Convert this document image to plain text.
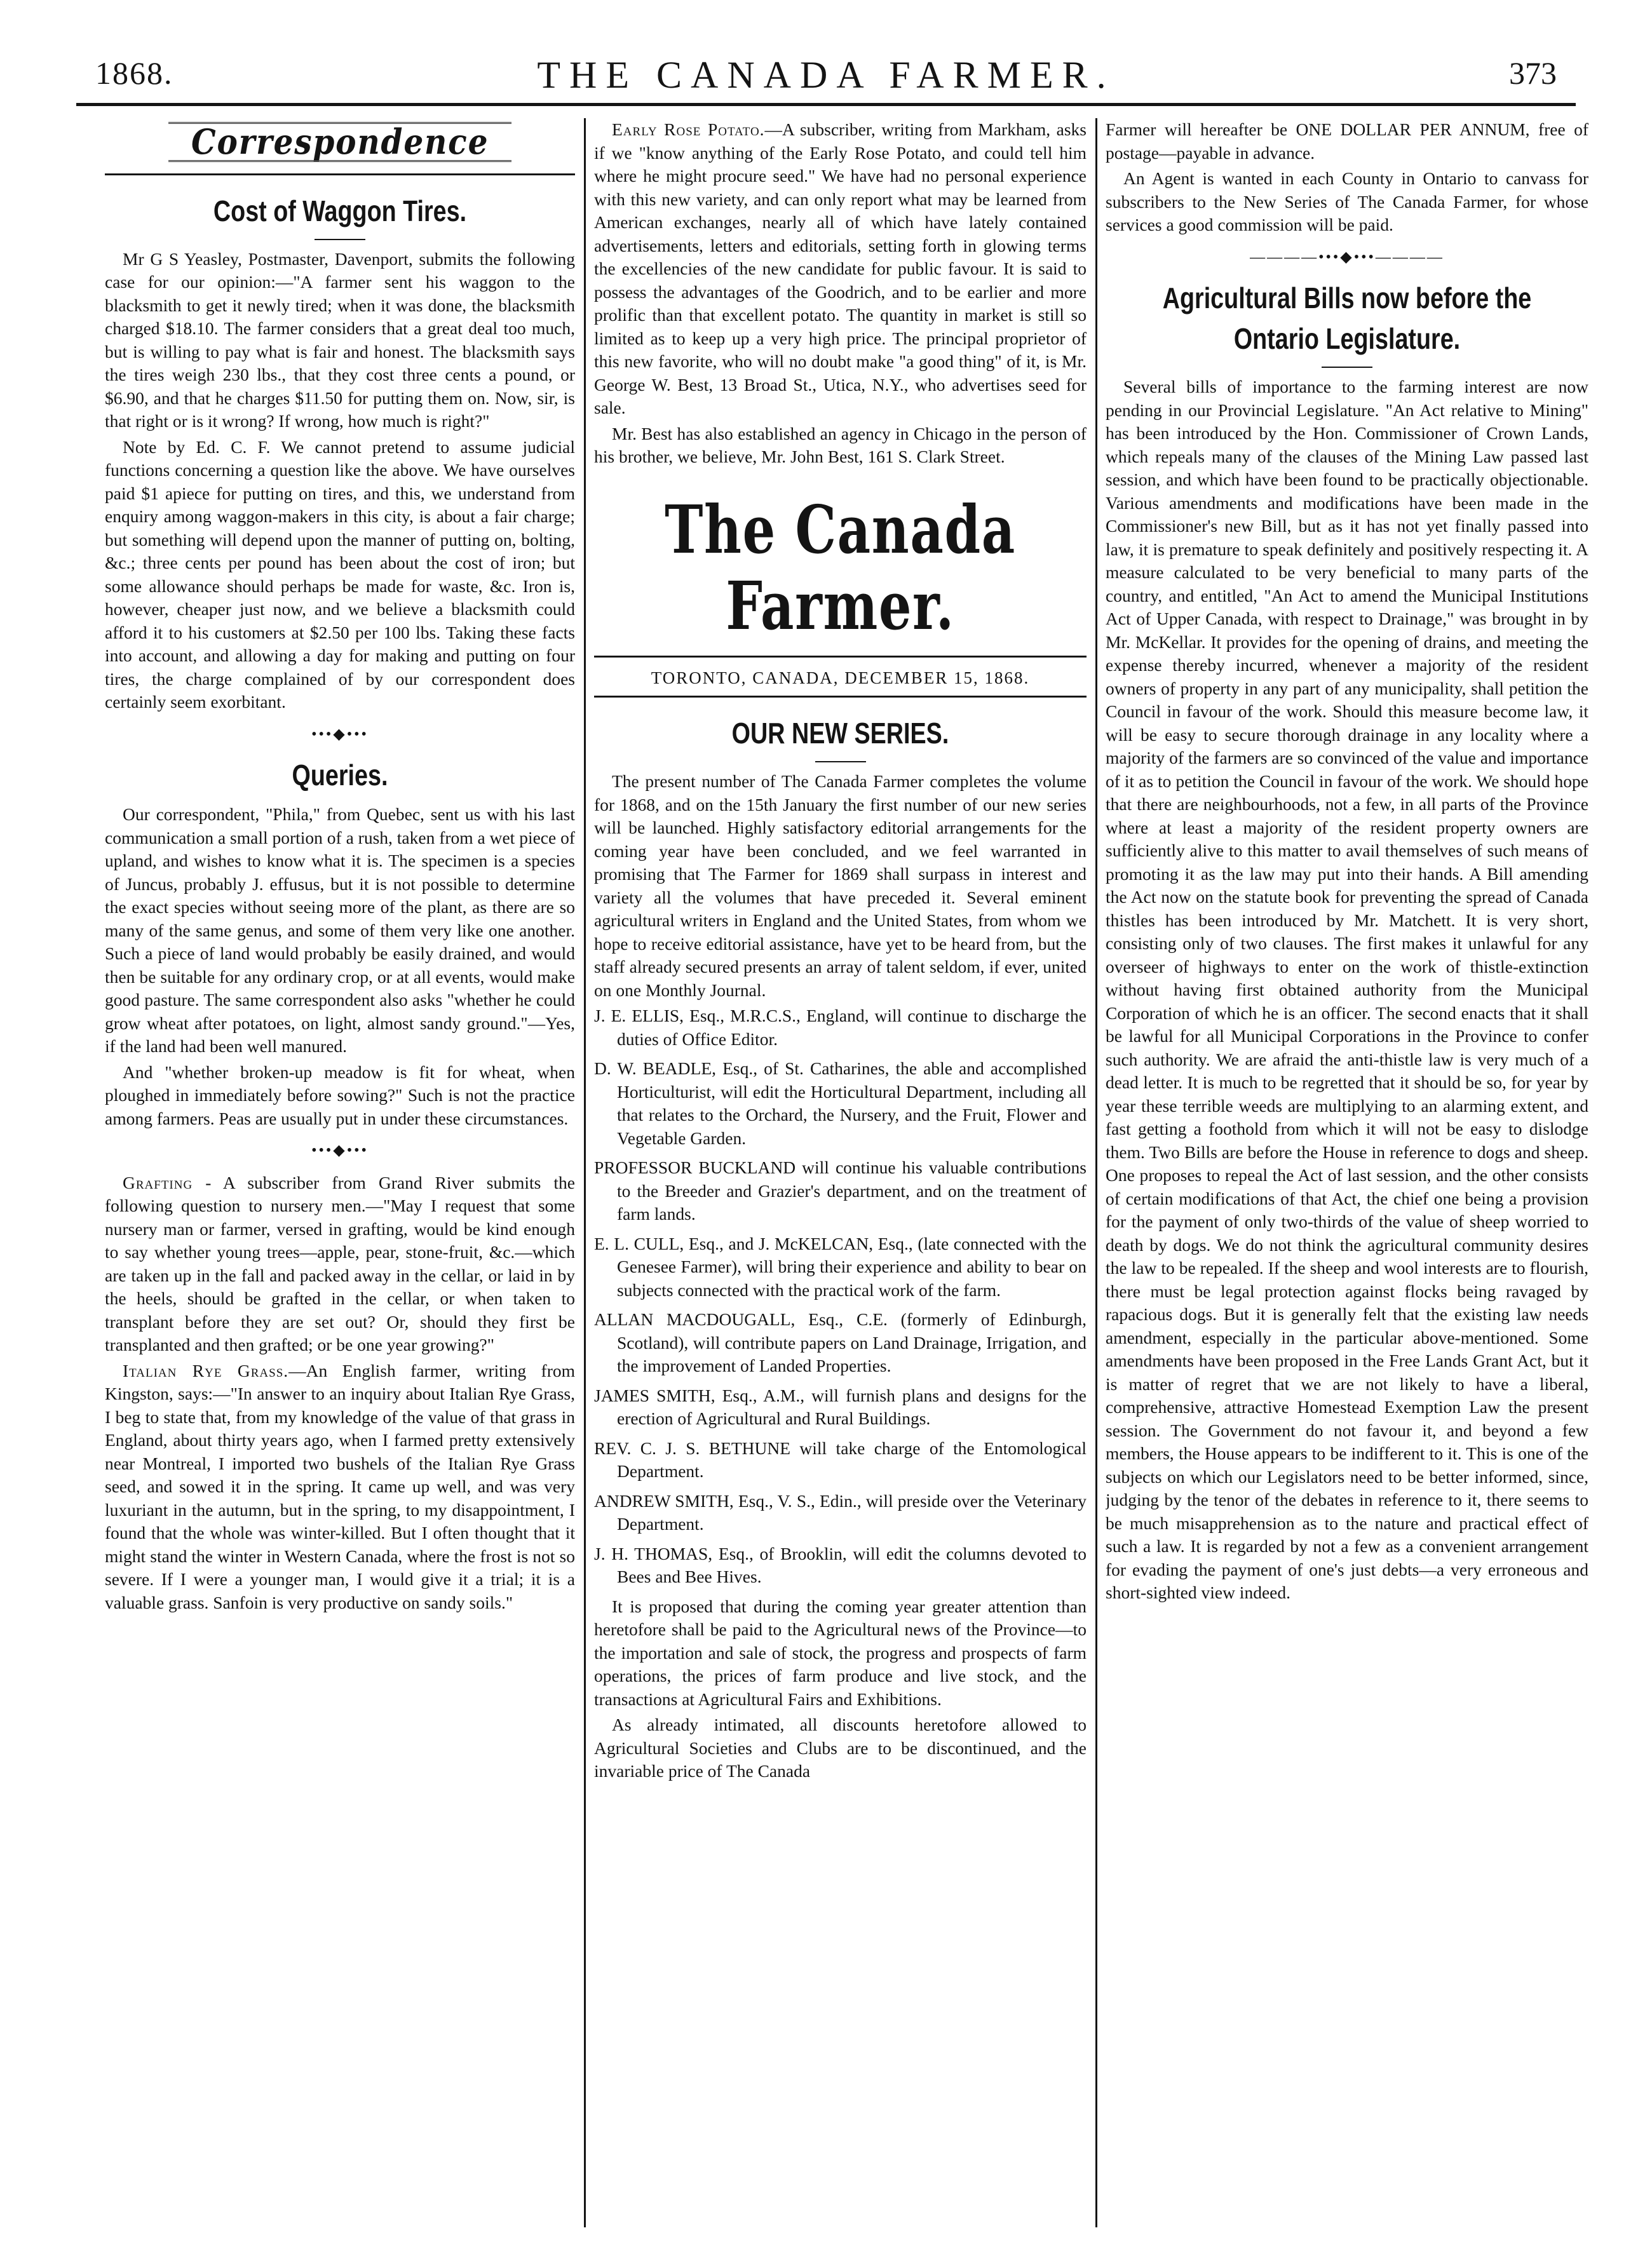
1868.	THE CANADA FARMER.	373
Correspondence
Cost of Waggon Tires.

Mr G S Yeasley, Postmaster, Davenport, submits the following case for our opinion:—"A farmer sent his waggon to the blacksmith to get it newly tired; when it was done, the blacksmith charged $18.10. The farmer considers that a great deal too much, but is willing to pay what is fair and honest. The blacksmith says the tires weigh 230 lbs., that they cost three cents a pound, or $6.90, and that he charges $11.50 for putting them on. Now, sir, is that right or is it wrong? If wrong, how much is right?"

Note by Ed. C. F. We cannot pretend to assume judicial functions concerning a question like the above. We have ourselves paid $1 apiece for putting on tires, and this, we understand from enquiry among waggon-makers in this city, is about a fair charge; but something will depend upon the manner of putting on, bolting, &c.; three cents per pound has been about the cost of iron; but some allowance should perhaps be made for waste, &c. Iron is, however, cheaper just now, and we believe a blacksmith could afford it to his customers at $2.50 per 100 lbs. Taking these facts into account, and allowing a day for making and putting on four tires, the charge complained of by our correspondent does certainly seem exorbitant.

•••◆•••
Queries.

Our correspondent, "Phila," from Quebec, sent us with his last communication a small portion of a rush, taken from a wet piece of upland, and wishes to know what it is. The specimen is a species of Juncus, probably J. effusus, but it is not possible to determine the exact species without seeing more of the plant, as there are so many of the same genus, and some of them very like one another. Such a piece of land would probably be easily drained, and would then be suitable for any ordinary crop, or at all events, would make good pasture. The same correspondent also asks "whether he could grow wheat after potatoes, on light, almost sandy ground."—Yes, if the land had been well manured.

And "whether broken-up meadow is fit for wheat, when ploughed in immediately before sowing?" Such is not the practice among farmers. Peas are usually put in under these circumstances.

•••◆•••

Grafting - A subscriber from Grand River submits the following question to nursery men.—"May I request that some nursery man or farmer, versed in grafting, would be kind enough to say whether young trees—apple, pear, stone-fruit, &c.—which are taken up in the fall and packed away in the cellar, or laid in by the heels, should be grafted in the cellar, or when taken to transplant before they are set out? Or, should they first be transplanted and then grafted; or be one year growing?"

Italian Rye Grass.—An English farmer, writing from Kingston, says:—"In answer to an inquiry about Italian Rye Grass, I beg to state that, from my knowledge of the value of that grass in England, about thirty years ago, when I farmed pretty extensively near Montreal, I imported two bushels of the Italian Rye Grass seed, and sowed it in the spring. It came up well, and was very luxuriant in the autumn, but in the spring, to my disappointment, I found that the whole was winter-killed. But I often thought that it might stand the winter in Western Canada, where the frost is not so severe. If I were a younger man, I would give it a trial; it is a valuable grass. Sanfoin is very productive on sandy soils."

Early Rose Potato.—A subscriber, writing from Markham, asks if we "know anything of the Early Rose Potato, and could tell him where he might procure seed." We have had no personal experience with this new variety, and can only report what may be learned from American exchanges, nearly all of which have lately contained advertisements, letters and editorials, setting forth in glowing terms the excellencies of the new candidate for public favour. It is said to possess the advantages of the Goodrich, and to be earlier and more prolific than that excellent potato. The quantity in market is still so limited as to keep up a very high price. The principal proprietor of this new favorite, who will no doubt make "a good thing" of it, is Mr. George W. Best, 13 Broad St., Utica, N.Y., who advertises seed for sale.

Mr. Best has also established an agency in Chicago in the person of his brother, we believe, Mr. John Best, 161 S. Clark Street.

The Canada Farmer.
TORONTO, CANADA, DECEMBER 15, 1868.
OUR NEW SERIES.

The present number of The Canada Farmer completes the volume for 1868, and on the 15th January the first number of our new series will be launched. Highly satisfactory editorial arrangements for the coming year have been concluded, and we feel warranted in promising that The Farmer for 1869 shall surpass in interest and variety all the volumes that have preceded it. Several eminent agricultural writers in England and the United States, from whom we hope to receive editorial assistance, have yet to be heard from, but the staff already secured presents an array of talent seldom, if ever, united on one Monthly Journal.

J. E. ELLIS, Esq., M.R.C.S., England, will continue to discharge the duties of Office Editor.
D. W. BEADLE, Esq., of St. Catharines, the able and accomplished Horticulturist, will edit the Horticultural Department, including all that relates to the Orchard, the Nursery, and the Fruit, Flower and Vegetable Garden.
PROFESSOR BUCKLAND will continue his valuable contributions to the Breeder and Grazier's department, and on the treatment of farm lands.
E. L. CULL, Esq., and J. McKELCAN, Esq., (late connected with the Genesee Farmer), will bring their experience and ability to bear on subjects connected with the practical work of the farm.
ALLAN MACDOUGALL, Esq., C.E. (formerly of Edinburgh, Scotland), will contribute papers on Land Drainage, Irrigation, and the improvement of Landed Properties.
JAMES SMITH, Esq., A.M., will furnish plans and designs for the erection of Agricultural and Rural Buildings.
REV. C. J. S. BETHUNE will take charge of the Entomological Department.
ANDREW SMITH, Esq., V. S., Edin., will preside over the Veterinary Department.
J. H. THOMAS, Esq., of Brooklin, will edit the columns devoted to Bees and Bee Hives.

It is proposed that during the coming year greater attention than heretofore shall be paid to the Agricultural news of the Province—to the importation and sale of stock, the progress and prospects of farm operations, the prices of farm produce and live stock, and the transactions at Agricultural Fairs and Exhibitions.

As already intimated, all discounts heretofore allowed to Agricultural Societies and Clubs are to be discontinued, and the invariable price of The Canada

Farmer will hereafter be ONE DOLLAR PER ANNUM, free of postage—payable in advance.

An Agent is wanted in each County in Ontario to canvass for subscribers to the New Series of The Canada Farmer, for whose services a good commission will be paid.

————•••◆•••————
Agricultural Bills now before the Ontario Legislature.

Several bills of importance to the farming interest are now pending in our Provincial Legislature. "An Act relative to Mining" has been introduced by the Hon. Commissioner of Crown Lands, which repeals many of the clauses of the Mining Law passed last session, and which have been found to be practically objectionable. Various amendments and modifications have been made in the Commissioner's new Bill, but as it has not yet finally passed into law, it is premature to speak definitely and positively respecting it. A measure calculated to be very beneficial to many parts of the country, and entitled, "An Act to amend the Municipal Institutions Act of Upper Canada, with respect to Drainage," was brought in by Mr. McKellar. It provides for the opening of drains, and meeting the expense thereby incurred, whenever a majority of the resident owners of property in any part of any municipality, shall petition the Council in favour of the work. Should this measure become law, it will be easy to secure thorough drainage in any locality where a majority of the farmers are so convinced of the value and importance of it as to petition the Council in favour of the work. We should hope that there are neighbourhoods, not a few, in all parts of the Province where at least a majority of the resident property owners are sufficiently alive to this matter to avail themselves of such means of promoting it as the law may put into their hands. A Bill amending the Act now on the statute book for preventing the spread of Canada thistles has been introduced by Mr. Matchett. It is very short, consisting only of two clauses. The first makes it unlawful for any overseer of highways to enter on the work of thistle-extinction without having first obtained authority from the Municipal Corporation of which he is an officer. The second enacts that it shall be lawful for all Municipal Corporations in the Province to confer such authority. We are afraid the anti-thistle law is very much of a dead letter. It is much to be regretted that it should be so, for year by year these terrible weeds are multiplying to an alarming extent, and fast getting a foothold from which it will not be easy to dislodge them. Two Bills are before the House in reference to dogs and sheep. One proposes to repeal the Act of last session, and the other consists of certain modifications of that Act, the chief one being a provision for the payment of only two-thirds of the value of sheep worried to death by dogs. We do not think the agricultural community desires the law to be repealed. If the sheep and wool interests are to flourish, there must be legal protection against flocks being ravaged by rapacious dogs. But it is generally felt that the existing law needs amendment, especially in the particular above-mentioned. Some amendments have been proposed in the Free Lands Grant Act, but it is matter of regret that we are not likely to have a liberal, comprehensive, attractive Homestead Exemption Law the present session. The Government do not favour it, and beyond a few members, the House appears to be indifferent to it. This is one of the subjects on which our Legislators need to be better informed, since, judging by the tenor of the debates in reference to it, there seems to be much misapprehension as to the nature and practical effect of such a law. It is regarded by not a few as a convenient arrangement for evading the payment of one's just debts—a very erroneous and short-sighted view indeed.
